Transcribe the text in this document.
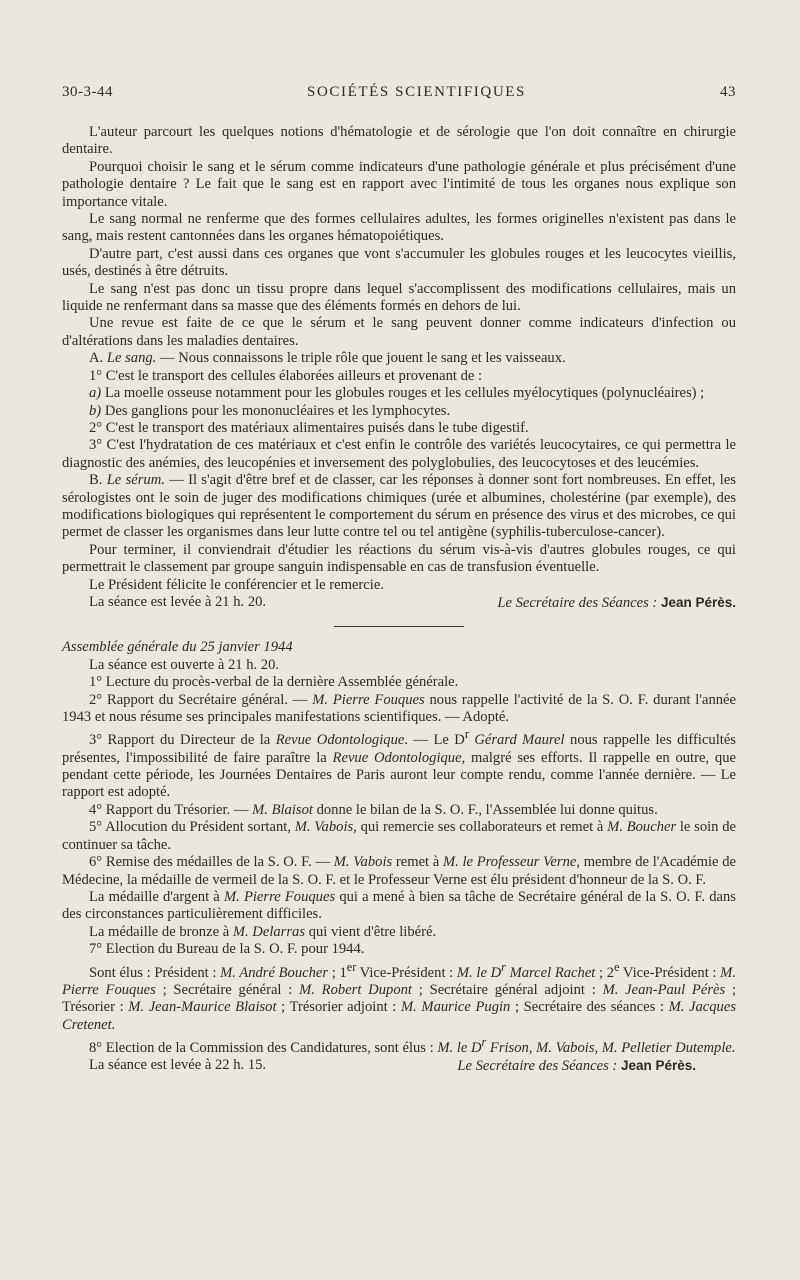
30-3-44	SOCIÉTÉS SCIENTIFIQUES	43

L'auteur parcourt les quelques notions d'hématologie et de sérologie que l'on doit connaître en chirurgie dentaire.

Pourquoi choisir le sang et le sérum comme indicateurs d'une pathologie générale et plus précisément d'une pathologie dentaire ? Le fait que le sang est en rapport avec l'intimité de tous les organes nous explique son importance vitale.

Le sang normal ne renferme que des formes cellulaires adultes, les formes originelles n'existent pas dans le sang, mais restent cantonnées dans les organes hématopoiétiques.

D'autre part, c'est aussi dans ces organes que vont s'accumuler les globules rouges et les leucocytes vieillis, usés, destinés à être détruits.

Le sang n'est pas donc un tissu propre dans lequel s'accomplissent des modifications cellulaires, mais un liquide ne renfermant dans sa masse que des éléments formés en dehors de lui.

Une revue est faite de ce que le sérum et le sang peuvent donner comme indicateurs d'infection ou d'altérations dans les maladies dentaires.

A. Le sang. — Nous connaissons le triple rôle que jouent le sang et les vaisseaux.

1° C'est le transport des cellules élaborées ailleurs et provenant de :

a) La moelle osseuse notamment pour les globules rouges et les cellules myélocytiques (polynucléaires) ;

b) Des ganglions pour les mononucléaires et les lymphocytes.

2° C'est le transport des matériaux alimentaires puisés dans le tube digestif.

3° C'est l'hydratation de ces matériaux et c'est enfin le contrôle des variétés leucocytaires, ce qui permettra le diagnostic des anémies, des leucopénies et inversement des polyglobulies, des leucocytoses et des leucémies.

B. Le sérum. — Il s'agit d'être bref et de classer, car les réponses à donner sont fort nombreuses. En effet, les sérologistes ont le soin de juger des modifications chimiques (urée et albumines, cholestérine (par exemple), des modifications biologiques qui représentent le comportement du sérum en présence des virus et des microbes, ce qui permet de classer les organismes dans leur lutte contre tel ou tel antigène (syphilis-tuberculose-cancer).

Pour terminer, il conviendrait d'étudier les réactions du sérum vis-à-vis d'autres globules rouges, ce qui permettrait le classement par groupe sanguin indispensable en cas de transfusion éventuelle.

Le Président félicite le conférencier et le remercie.

La séance est levée à 21 h. 20.	Le Secrétaire des Séances : Jean Pérès.

Assemblée générale du 25 janvier 1944

La séance est ouverte à 21 h. 20.

1° Lecture du procès-verbal de la dernière Assemblée générale.

2° Rapport du Secrétaire général. — M. Pierre Fouques nous rappelle l'activité de la S. O. F. durant l'année 1943 et nous résume ses principales manifestations scientifiques. — Adopté.

3° Rapport du Directeur de la Revue Odontologique. — Le $D^r$ Gérard Maurel nous rappelle les difficultés présentes, l'impossibilité de faire paraître la Revue Odontologique, malgré ses efforts. Il rappelle en outre, que pendant cette période, les Journées Dentaires de Paris auront leur compte rendu, comme l'année dernière. — Le rapport est adopté.

4° Rapport du Trésorier. — M. Blaisot donne le bilan de la S. O. F., l'Assemblée lui donne quitus.

5° Allocution du Président sortant, M. Vabois, qui remercie ses collaborateurs et remet à M. Boucher le soin de continuer sa tâche.

6° Remise des médailles de la S. O. F. — M. Vabois remet à M. le Professeur Verne, membre de l'Académie de Médecine, la médaille de vermeil de la S. O. F. et le Professeur Verne est élu président d'honneur de la S. O. F.

La médaille d'argent à M. Pierre Fouques qui a mené à bien sa tâche de Secrétaire général de la S. O. F. dans des circonstances particulièrement difficiles.

La médaille de bronze à M. Delarras qui vient d'être libéré.

7° Election du Bureau de la S. O. F. pour 1944.

Sont élus : Président : M. André Boucher ; 1er Vice-Président : M. le $D^r$ Marcel Rachet ; 2e Vice-Président : M. Pierre Fouques ; Secrétaire général : M. Robert Dupont ; Secrétaire général adjoint : M. Jean-Paul Pérès ; Trésorier : M. Jean-Maurice Blaisot ; Trésorier adjoint : M. Maurice Pugin ; Secrétaire des séances : M. Jacques Cretenet.

8° Election de la Commission des Candidatures, sont élus : M. le $D^r$ Frison, M. Vabois, M. Pelletier Dutemple.

La séance est levée à 22 h. 15.	Le Secrétaire des Séances : Jean Pérès.
